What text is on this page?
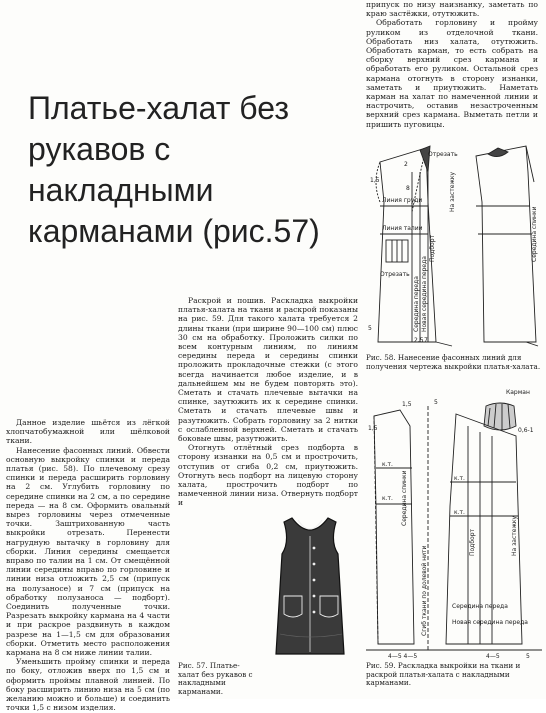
припуск по низу наизнанку, заметать по краю застёжки, отутюжить.

Обработать горловину и пройму руликом из отделочной ткани. Обработать низ халата, отутюжить. Обработать карман, то есть собрать на сборку верхний срез кармана и обработать его руликом. Остальной срез кармана отогнуть в сторону изнанки, заметать и приутюжить. Наметать карман на халат по намеченной линии и настрочить, оставив незастроченным верхний срез кармана. Выметать петли и пришить пуговицы.

Платье-халат без рукавов с накладными карманами (рис.57)

Раскрой и пошив. Раскладка выкройки платья-халата на ткани и раскрой показаны на рис. 59. Для такого халата требуется 2 длины ткани (при ширине 90—100 см) плюс 30 см на обработку. Проложить силки по всем контурным линиям, по линиям середины переда и середины спинки проложить прокладочные стежки (с этого всегда начинается любое изделие, и в дальнейшем мы не будем повторять это). Сметать и стачать плечевые вытачки на спинке, заутюжить их к середине спинки. Сметать и стачать плечевые швы и разутюжить. Собрать горловину за 2 нитки с ослабленной верхней. Сметать и стачать боковые швы, разутюжить.

Отогнуть отлётный срез подборта в сторону изнанки на 0,5 см и прострочить, отступив от сгиба 0,2 см, приутюжить. Отогнуть весь подборт на лицевую сторону халата, прострочить подборт по намеченной линии низа. Отвернуть подборт и

Данное изделие шьётся из лёгкой хлопчатобумажной или шёлковой ткани.

Нанесение фасонных линий. Обвести основную выкройку спинки и переда платья (рис. 58). По плечевому срезу спинки и переда расширить горловину на 2 см. Углубить горловину по середине спинки на 2 см, а по середине переда — на 8 см. Оформить овальный вырез горловины через отмеченные точки. Заштрихованную часть выкройки отрезать. Перенести нагрудную вытачку в горловину для сборки. Линия середины смещается вправо по талии на 1 см. От смещённой линии середины вправо по горловине и линии низа отложить 2,5 см (припуск на полузаносе) и 7 см (припуск на обработку полузаноса — подборт). Соединить полученные точки. Разрезать выкройку кармана на 4 части и при раскрое раздвинуть в каждом разрезе на 1—1,5 см для образования сборки. Отметить место расположения кармана на 8 см ниже линии талии.

Уменьшить пройму спинки и переда по боку, отложив вверх по 1,5 см и оформить проймы плавной линией. По боку расширить линию низа на 5 см (по желанию можно и больше) и соединить точки 1,5 с низом изделия.

Рис. 57. Платье-халат без рукавов с накладными карманами.
Отрезать
1,5
2
8
Линия груди
Линия талии
Отрезать
5
7
2,5
Середина переда Новая середина переда
Подборт
На застежку
Середина спинки
Рис. 58. Нанесение фасонных линий для получения чертежа выкройки платья-халата.
Карман
1,5	5
0,6-1
1,5
к.т.
к.т.
к.т.
к.т.
Середина спинки
Сгиб ткани по долевой нити
Подборт	На застежку
Середина переда
Новая середина переда
4—5 4—5	4—5	5
Рис. 59. Раскладка выкройки на ткани и раскрой платья-халата с накладными карманами.
